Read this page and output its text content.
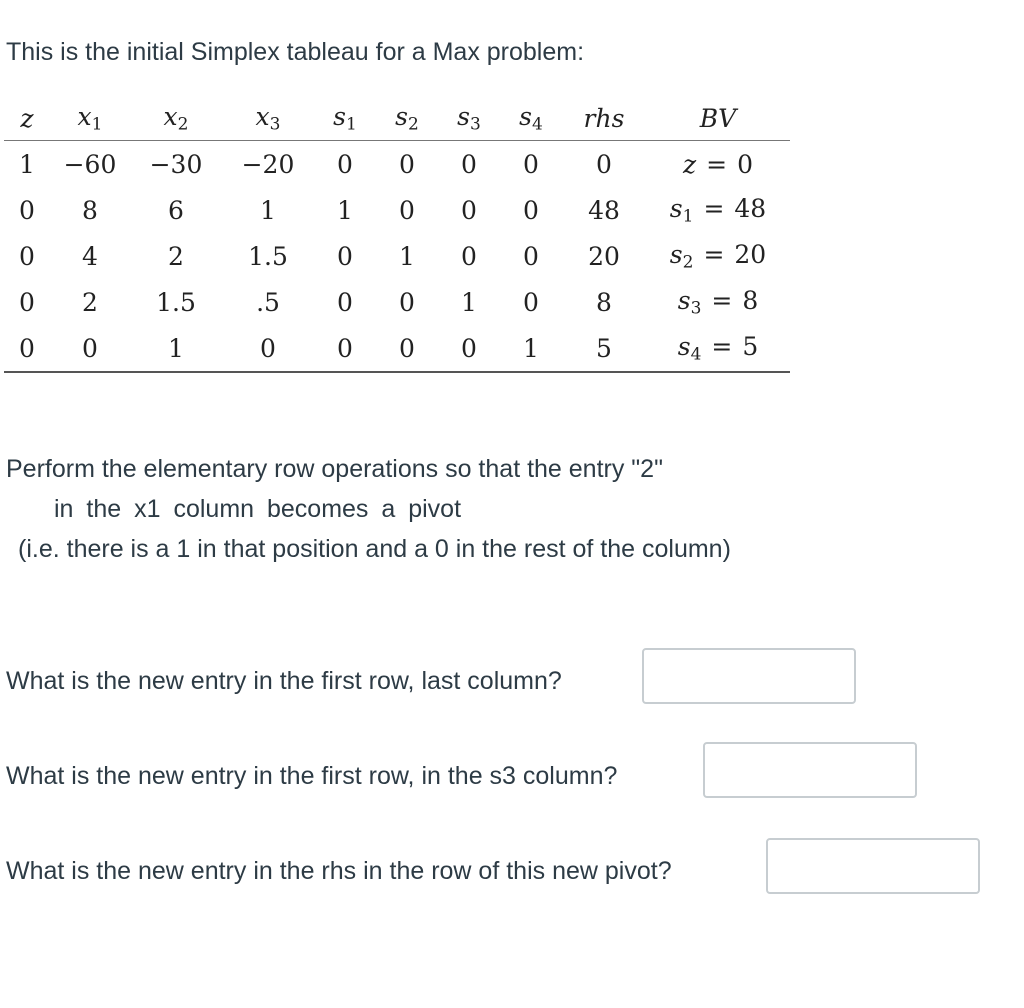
This is the initial Simplex tableau for a Max problem:
z	$x_1$	$x_2$	$x_3$	$s_1$	$s_2$	$s_3$	$s_4$	rhs	BV
1	−60	−30	−20	0	0	0	0	0	z = 0
0	8	6	1	1	0	0	0	48	$s_1 = 48$
0	4	2	1.5	0	1	0	0	20	$s_2 = 20$
0	2	1.5	.5	0	0	1	0	8	$s_3 = 8$
0	0	1	0	0	0	0	1	5	$s_4 = 5$
Perform the elementary row operations so that the entry "2"
in the x1 column becomes a pivot
(i.e. there is a 1 in that position and a 0 in the rest of the column)
What is the new entry in the first row, last column?
What is the new entry in the first row, in the s3 column?
What is the new entry in the rhs in the row of this new pivot?
